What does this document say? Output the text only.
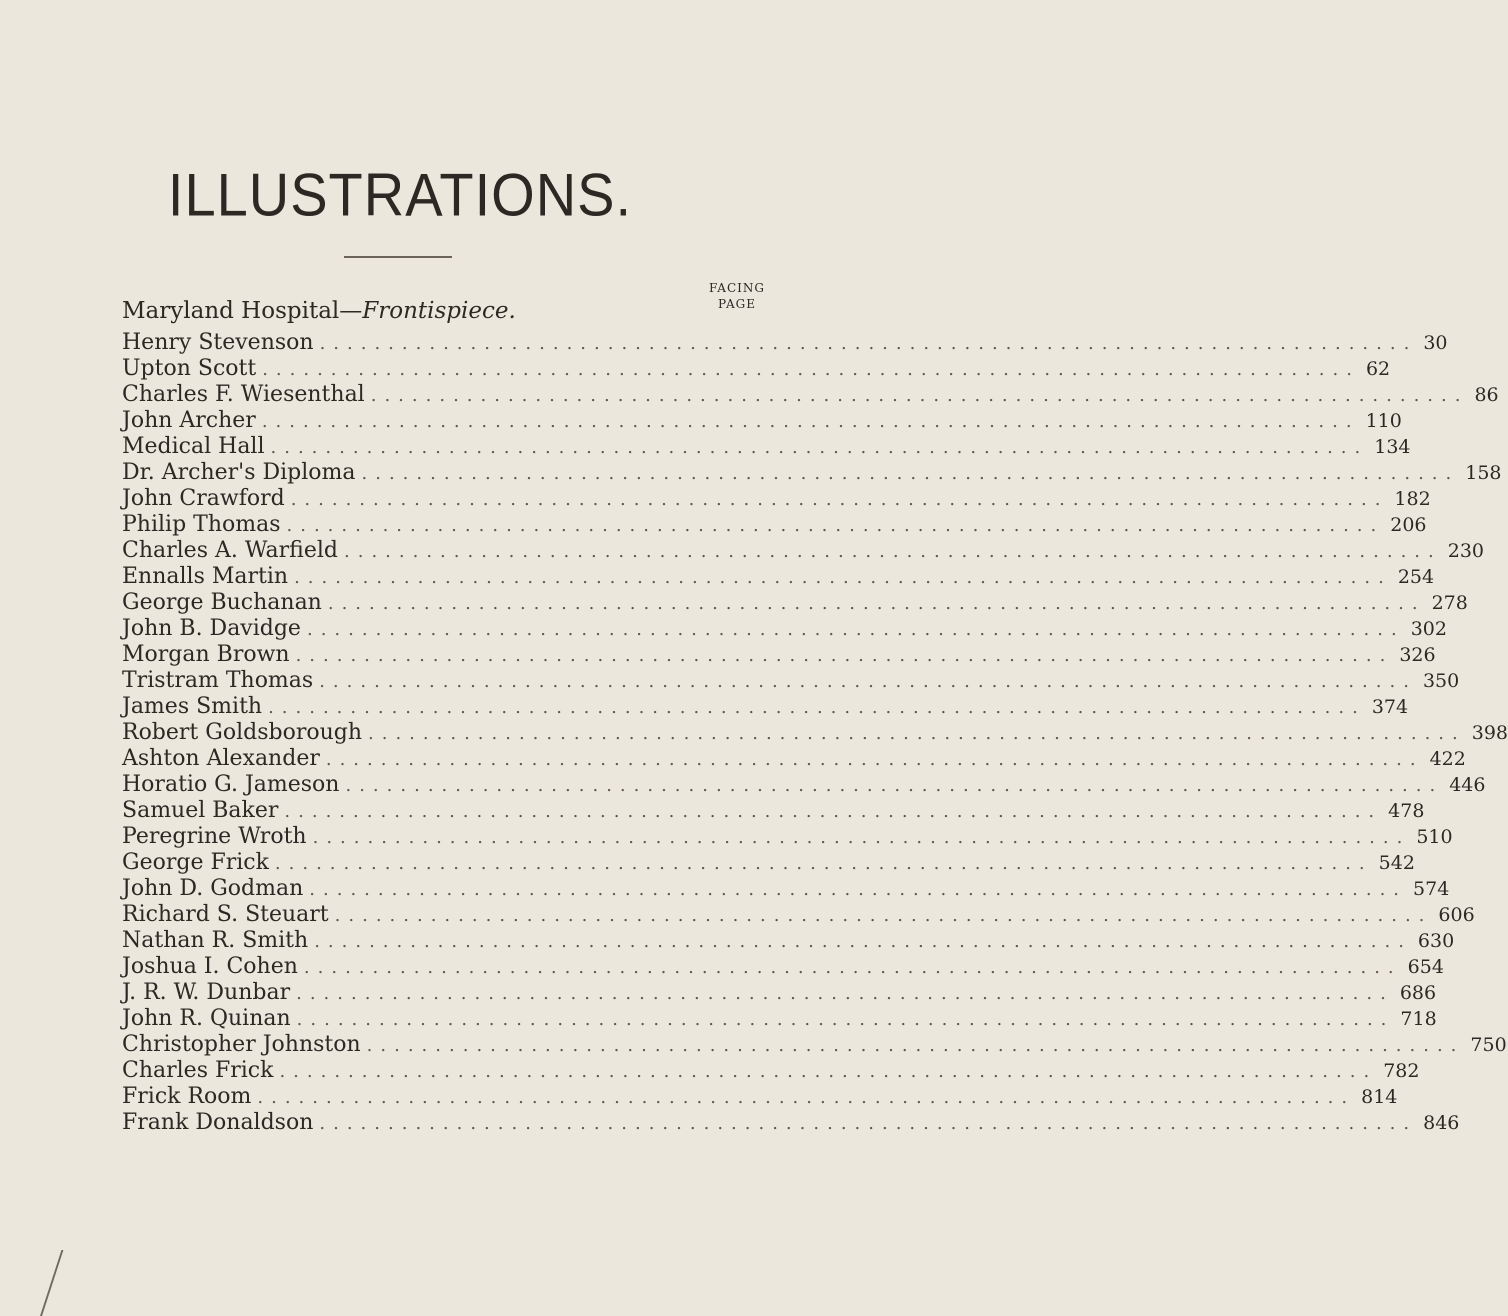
ILLUSTRATIONS.
FACING
PAGE
Maryland Hospital—Frontispiece.
Henry Stevenson ................................................................................ 30
Upton Scott ................................................................................ 62
Charles F. Wiesenthal ................................................................................ 86
John Archer ................................................................................ 110
Medical Hall ................................................................................ 134
Dr. Archer's Diploma ................................................................................ 158
John Crawford ................................................................................ 182
Philip Thomas ................................................................................ 206
Charles A. Warfield ................................................................................ 230
Ennalls Martin ................................................................................ 254
George Buchanan ................................................................................ 278
John B. Davidge ................................................................................ 302
Morgan Brown ................................................................................ 326
Tristram Thomas ................................................................................ 350
James Smith ................................................................................ 374
Robert Goldsborough ................................................................................ 398
Ashton Alexander ................................................................................ 422
Horatio G. Jameson ................................................................................ 446
Samuel Baker ................................................................................ 478
Peregrine Wroth ................................................................................ 510
George Frick ................................................................................ 542
John D. Godman ................................................................................ 574
Richard S. Steuart ................................................................................ 606
Nathan R. Smith ................................................................................ 630
Joshua I. Cohen ................................................................................ 654
J. R. W. Dunbar ................................................................................ 686
John R. Quinan ................................................................................ 718
Christopher Johnston ................................................................................ 750
Charles Frick ................................................................................ 782
Frick Room ................................................................................ 814
Frank Donaldson ................................................................................ 846
